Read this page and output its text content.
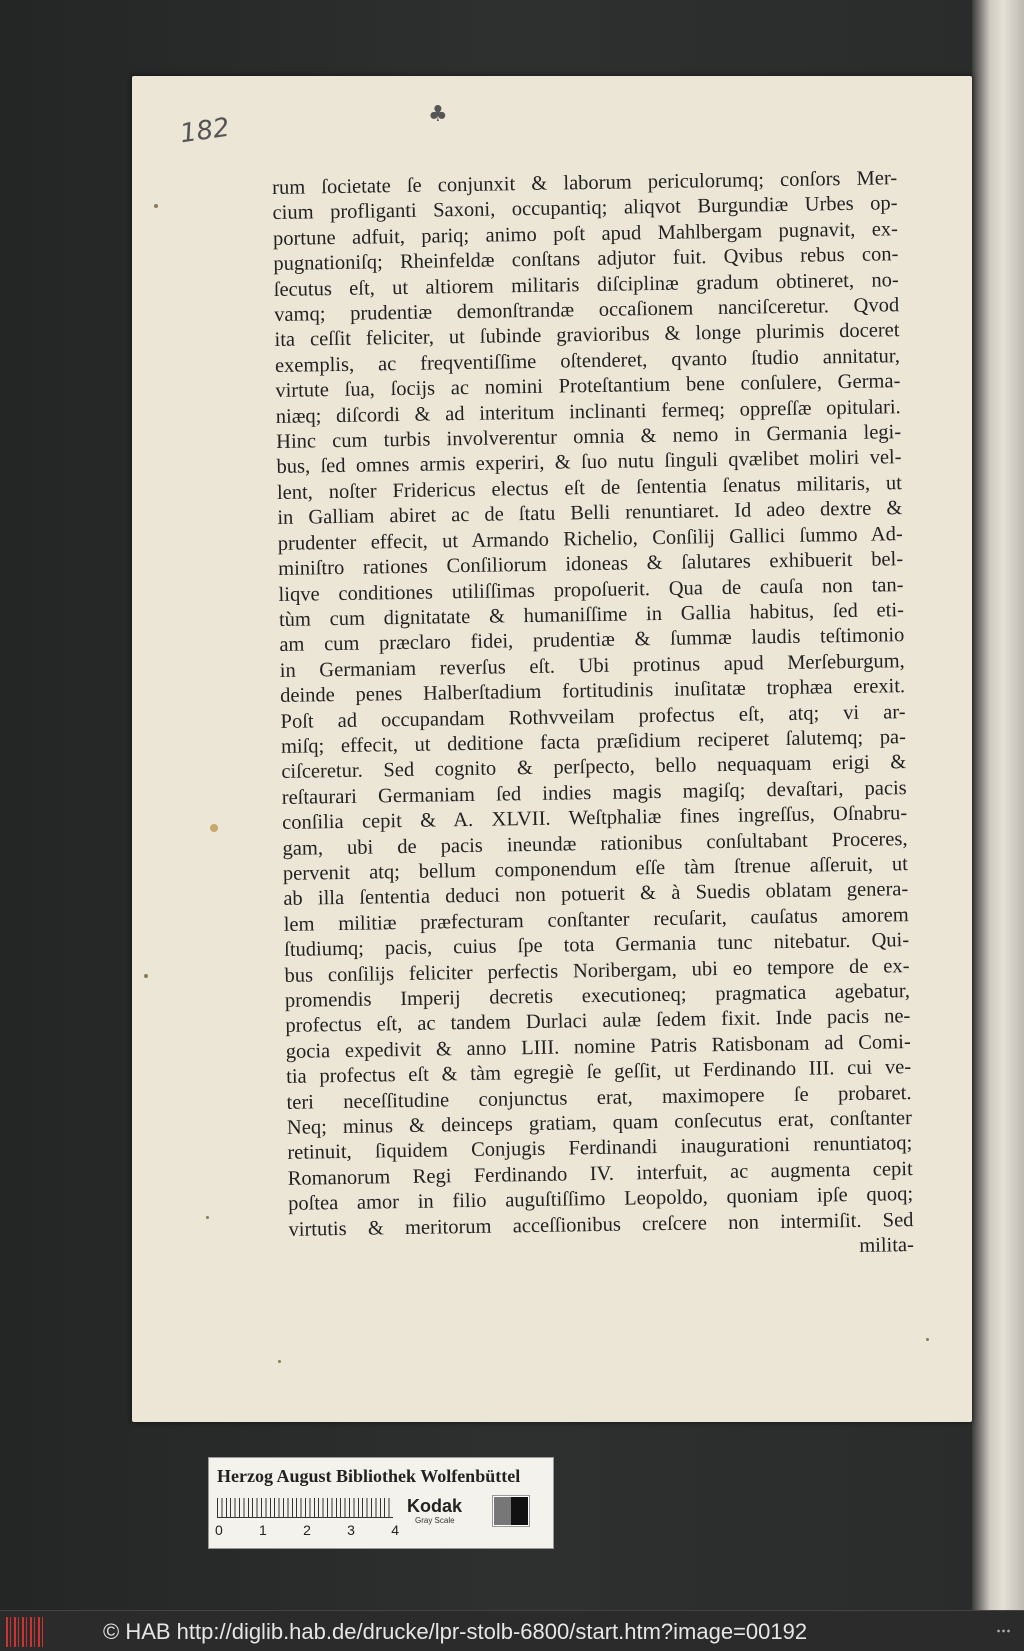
182	♣
rum ſocietate ſe conjunxit & laborum periculorumq; conſors Mer-
cium profliganti Saxoni, occupantiq; aliqvot Burgundiæ Urbes op-
portune adfuit, pariq; animo poſt apud Mahlbergam pugnavit, ex-
pugnationiſq; Rheinfeldæ conſtans adjutor fuit. Qvibus rebus con-
ſecutus eſt, ut altiorem militaris diſciplinæ gradum obtineret, no-
vamq; prudentiæ demonſtrandæ occaſionem nanciſceretur. Qvod
ita ceſſit feliciter, ut ſubinde gravioribus & longe plurimis doceret
exemplis, ac freqventiſſime oſtenderet, qvanto ſtudio annitatur,
virtute ſua, ſocijs ac nomini Proteſtantium bene conſulere, Germa-
niæq; diſcordi & ad interitum inclinanti fermeq; oppreſſæ opitulari.
Hinc cum turbis involverentur omnia & nemo in Germania legi-
bus, ſed omnes armis experiri, & ſuo nutu ſinguli qvælibet moliri vel-
lent, noſter Fridericus electus eſt de ſententia ſenatus militaris, ut
in Galliam abiret ac de ſtatu Belli renuntiaret. Id adeo dextre &
prudenter effecit, ut Armando Richelio, Conſilij Gallici ſummo Ad-
miniſtro rationes Conſiliorum idoneas & ſalutares exhibuerit bel-
liqve conditiones utiliſſimas propoſuerit. Qua de cauſa non tan-
tùm cum dignitatate & humaniſſime in Gallia habitus, ſed eti-
am cum præclaro fidei, prudentiæ & ſummæ laudis teſtimonio
in Germaniam reverſus eſt. Ubi protinus apud Merſeburgum,
deinde penes Halberſtadium fortitudinis inuſitatæ trophæa erexit.
Poſt ad occupandam Rothvveilam profectus eſt, atq; vi ar-
miſq; effecit, ut deditione facta præſidium reciperet ſalutemq; pa-
ciſceretur. Sed cognito & perſpecto, bello nequaquam erigi &
reſtaurari Germaniam ſed indies magis magiſq; devaſtari, pacis
conſilia cepit & A. XLVII. Weſtphaliæ fines ingreſſus, Oſnabru-
gam, ubi de pacis ineundæ rationibus conſultabant Proceres,
pervenit atq; bellum componendum eſſe tàm ſtrenue aſſeruit, ut
ab illa ſententia deduci non potuerit & à Suedis oblatam genera-
lem militiæ præfecturam conſtanter recuſarit, cauſatus amorem
ſtudiumq; pacis, cuius ſpe tota Germania tunc nitebatur. Qui-
bus conſilijs feliciter perfectis Noribergam, ubi eo tempore de ex-
promendis Imperij decretis executioneq; pragmatica agebatur,
profectus eſt, ac tandem Durlaci aulæ ſedem fixit. Inde pacis ne-
gocia expedivit & anno LIII. nomine Patris Ratisbonam ad Comi-
tia profectus eſt & tàm egregiè ſe geſſit, ut Ferdinando III. cui ve-
teri neceſſitudine conjunctus erat, maximopere ſe probaret.
Neq; minus & deinceps gratiam, quam conſecutus erat, conſtanter
retinuit, ſiquidem Conjugis Ferdinandi inaugurationi renuntiatoq;
Romanorum Regi Ferdinando IV. interfuit, ac augmenta cepit
poſtea amor in filio auguſtiſſimo Leopoldo, quoniam ipſe quoq;
virtutis & meritorum acceſſionibus creſcere non intermiſit. Sed
milita-
Herzog August Bibliothek Wolfenbüttel
0	1	2	3	4
Kodak
Gray Scale
© HAB http://diglib.hab.de/drucke/lpr-stolb-6800/start.htm?image=00192
